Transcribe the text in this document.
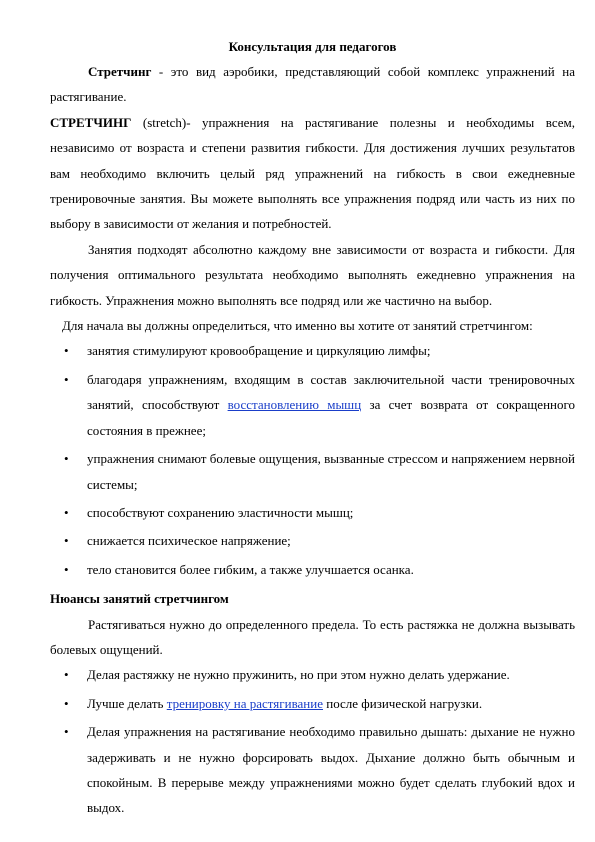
Консультация для педагогов

Стретчинг - это вид аэробики, представляющий собой комплекс упражнений на растягивание.

СТРЕТЧИНГ (stretch)- упражнения на растягивание полезны и необходимы всем, независимо от возраста и степени развития гибкости. Для достижения лучших результатов вам необходимо включить целый ряд упражнений на гибкость в свои ежедневные тренировочные занятия. Вы можете выполнять все упражнения подряд или часть из них по выбору в зависимости от желания и потребностей.

Занятия подходят абсолютно каждому вне зависимости от возраста и гибкости. Для получения оптимального результата необходимо выполнять ежедневно упражнения на гибкость. Упражнения можно выполнять все подряд или же частично на выбор.

Для начала вы должны определиться, что именно вы хотите от занятий стретчингом:

• занятия стимулируют кровообращение и циркуляцию лимфы;
• благодаря упражнениям, входящим в состав заключительной части тренировочных занятий, способствуют восстановлению мышц за счет возврата от сокращенного состояния в прежнее;
• упражнения снимают болевые ощущения, вызванные стрессом и напряжением нервной системы;
• способствуют сохранению эластичности мышц;
• снижается психическое напряжение;
• тело становится более гибким, а также улучшается осанка.

Нюансы занятий стретчингом

Растягиваться нужно до определенного предела. То есть растяжка не должна вызывать болевых ощущений.

• Делая растяжку не нужно пружинить, но при этом нужно делать удержание.
• Лучше делать тренировку на растягивание после физической нагрузки.
• Делая упражнения на растягивание необходимо правильно дышать: дыхание не нужно задерживать и не нужно форсировать выдох. Дыхание должно быть обычным и спокойным. В перерыве между упражнениями можно будет сделать глубокий вдох и выдох.
